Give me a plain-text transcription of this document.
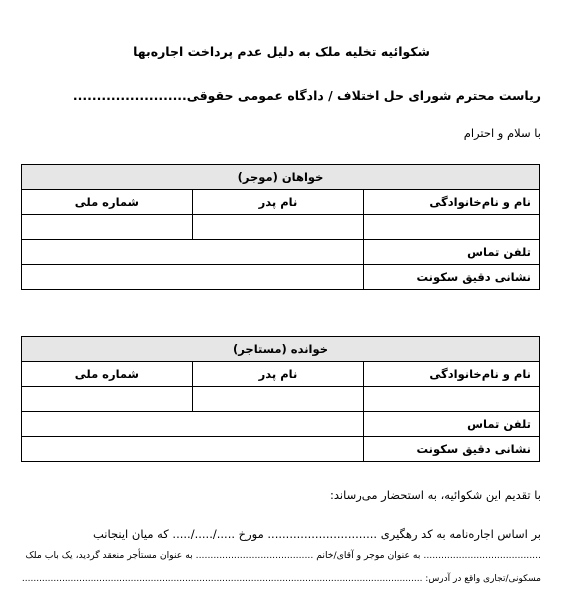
شکوائیه تخلیه ملک به دلیل عدم پرداخت اجاره‌بها
ریاست محترم شورای حل اختلاف / دادگاه عمومی حقوقی........................
با سلام و احترام
خواهان (موجر)		
نام و نام‌خانوادگی	نام پدر	شماره ملی

تلفن تماس		
نشانی دقیق سکونت		
خوانده (مستاجر)		
نام و نام‌خانوادگی	نام پدر	شماره ملی

تلفن تماس		
نشانی دقیق سکونت		
با تقدیم این شکوائیه، به استحضار می‌رساند:
بر اساس اجاره‌نامه به کد رهگیری .............................. مورخ ...../...../..... که میان اینجانب
........................................ به عنوان موجر و آقای/خانم ........................................ به عنوان مستأجر منعقد گردید، یک باب ملک
مسکونی/تجاری واقع در آدرس: ............................................................................................................................................
